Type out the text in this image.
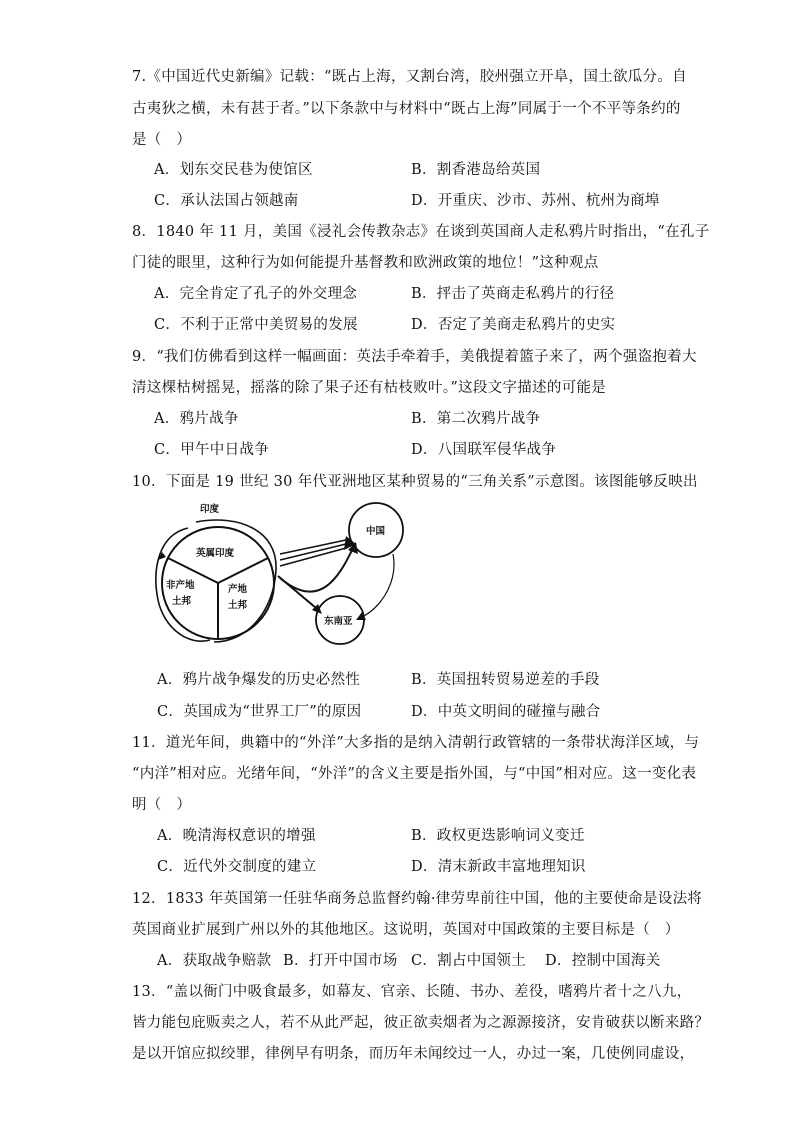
7.《中国近代史新编》记载：“既占上海，又割台湾，胶州强立开阜，国土欲瓜分。自
古夷狄之横，未有甚于者。”以下条款中与材料中“既占上海”同属于一个不平等条约的
是（　）
A．划东交民巷为使馆区	B．割香港岛给英国
C．承认法国占领越南	D．开重庆、沙市、苏州、杭州为商埠
8．1840 年 11 月，美国《浸礼会传教杂志》在谈到英国商人走私鸦片时指出，“在孔子
门徒的眼里，这种行为如何能提升基督教和欧洲政策的地位！”这种观点
A．完全肯定了孔子的外交理念	B．抨击了英商走私鸦片的行径
C．不利于正常中美贸易的发展	D．否定了美商走私鸦片的史实
9．“我们仿佛看到这样一幅画面：英法手牵着手，美俄提着篮子来了，两个强盗抱着大
清这棵枯树摇晃，摇落的除了果子还有枯枝败叶。”这段文字描述的可能是
A．鸦片战争	B．第二次鸦片战争
C．甲午中日战争	D．八国联军侵华战争
10．下面是 19 世纪 30 年代亚洲地区某种贸易的“三角关系”示意图。该图能够反映出
印度
英属印度
非产地
土邦
产地
土邦
中国
东南亚
A．鸦片战争爆发的历史必然性	B．英国扭转贸易逆差的手段
C．英国成为“世界工厂”的原因	D．中英文明间的碰撞与融合
11．道光年间，典籍中的“外洋”大多指的是纳入清朝行政管辖的一条带状海洋区域，与
“内洋”相对应。光绪年间，“外洋”的含义主要是指外国，与“中国”相对应。这一变化表
明（　）
A．晚清海权意识的增强	B．政权更迭影响词义变迁
C．近代外交制度的建立	D．清末新政丰富地理知识
12．1833 年英国第一任驻华商务总监督约翰·律劳卑前往中国，他的主要使命是设法将
英国商业扩展到广州以外的其他地区。这说明，英国对中国政策的主要目标是（　）
A．获取战争赔款 B．打开中国市场 C．割占中国领土 D．控制中国海关
13．“盖以衙门中吸食最多，如幕友、官亲、长随、书办、差役，嗜鸦片者十之八九，
皆力能包庇贩卖之人，若不从此严起，彼正欲卖烟者为之源源接济，安肯破获以断来路？
是以开馆应拟绞罪，律例早有明条，而历年未闻绞过一人，办过一案，几使例同虚设，
